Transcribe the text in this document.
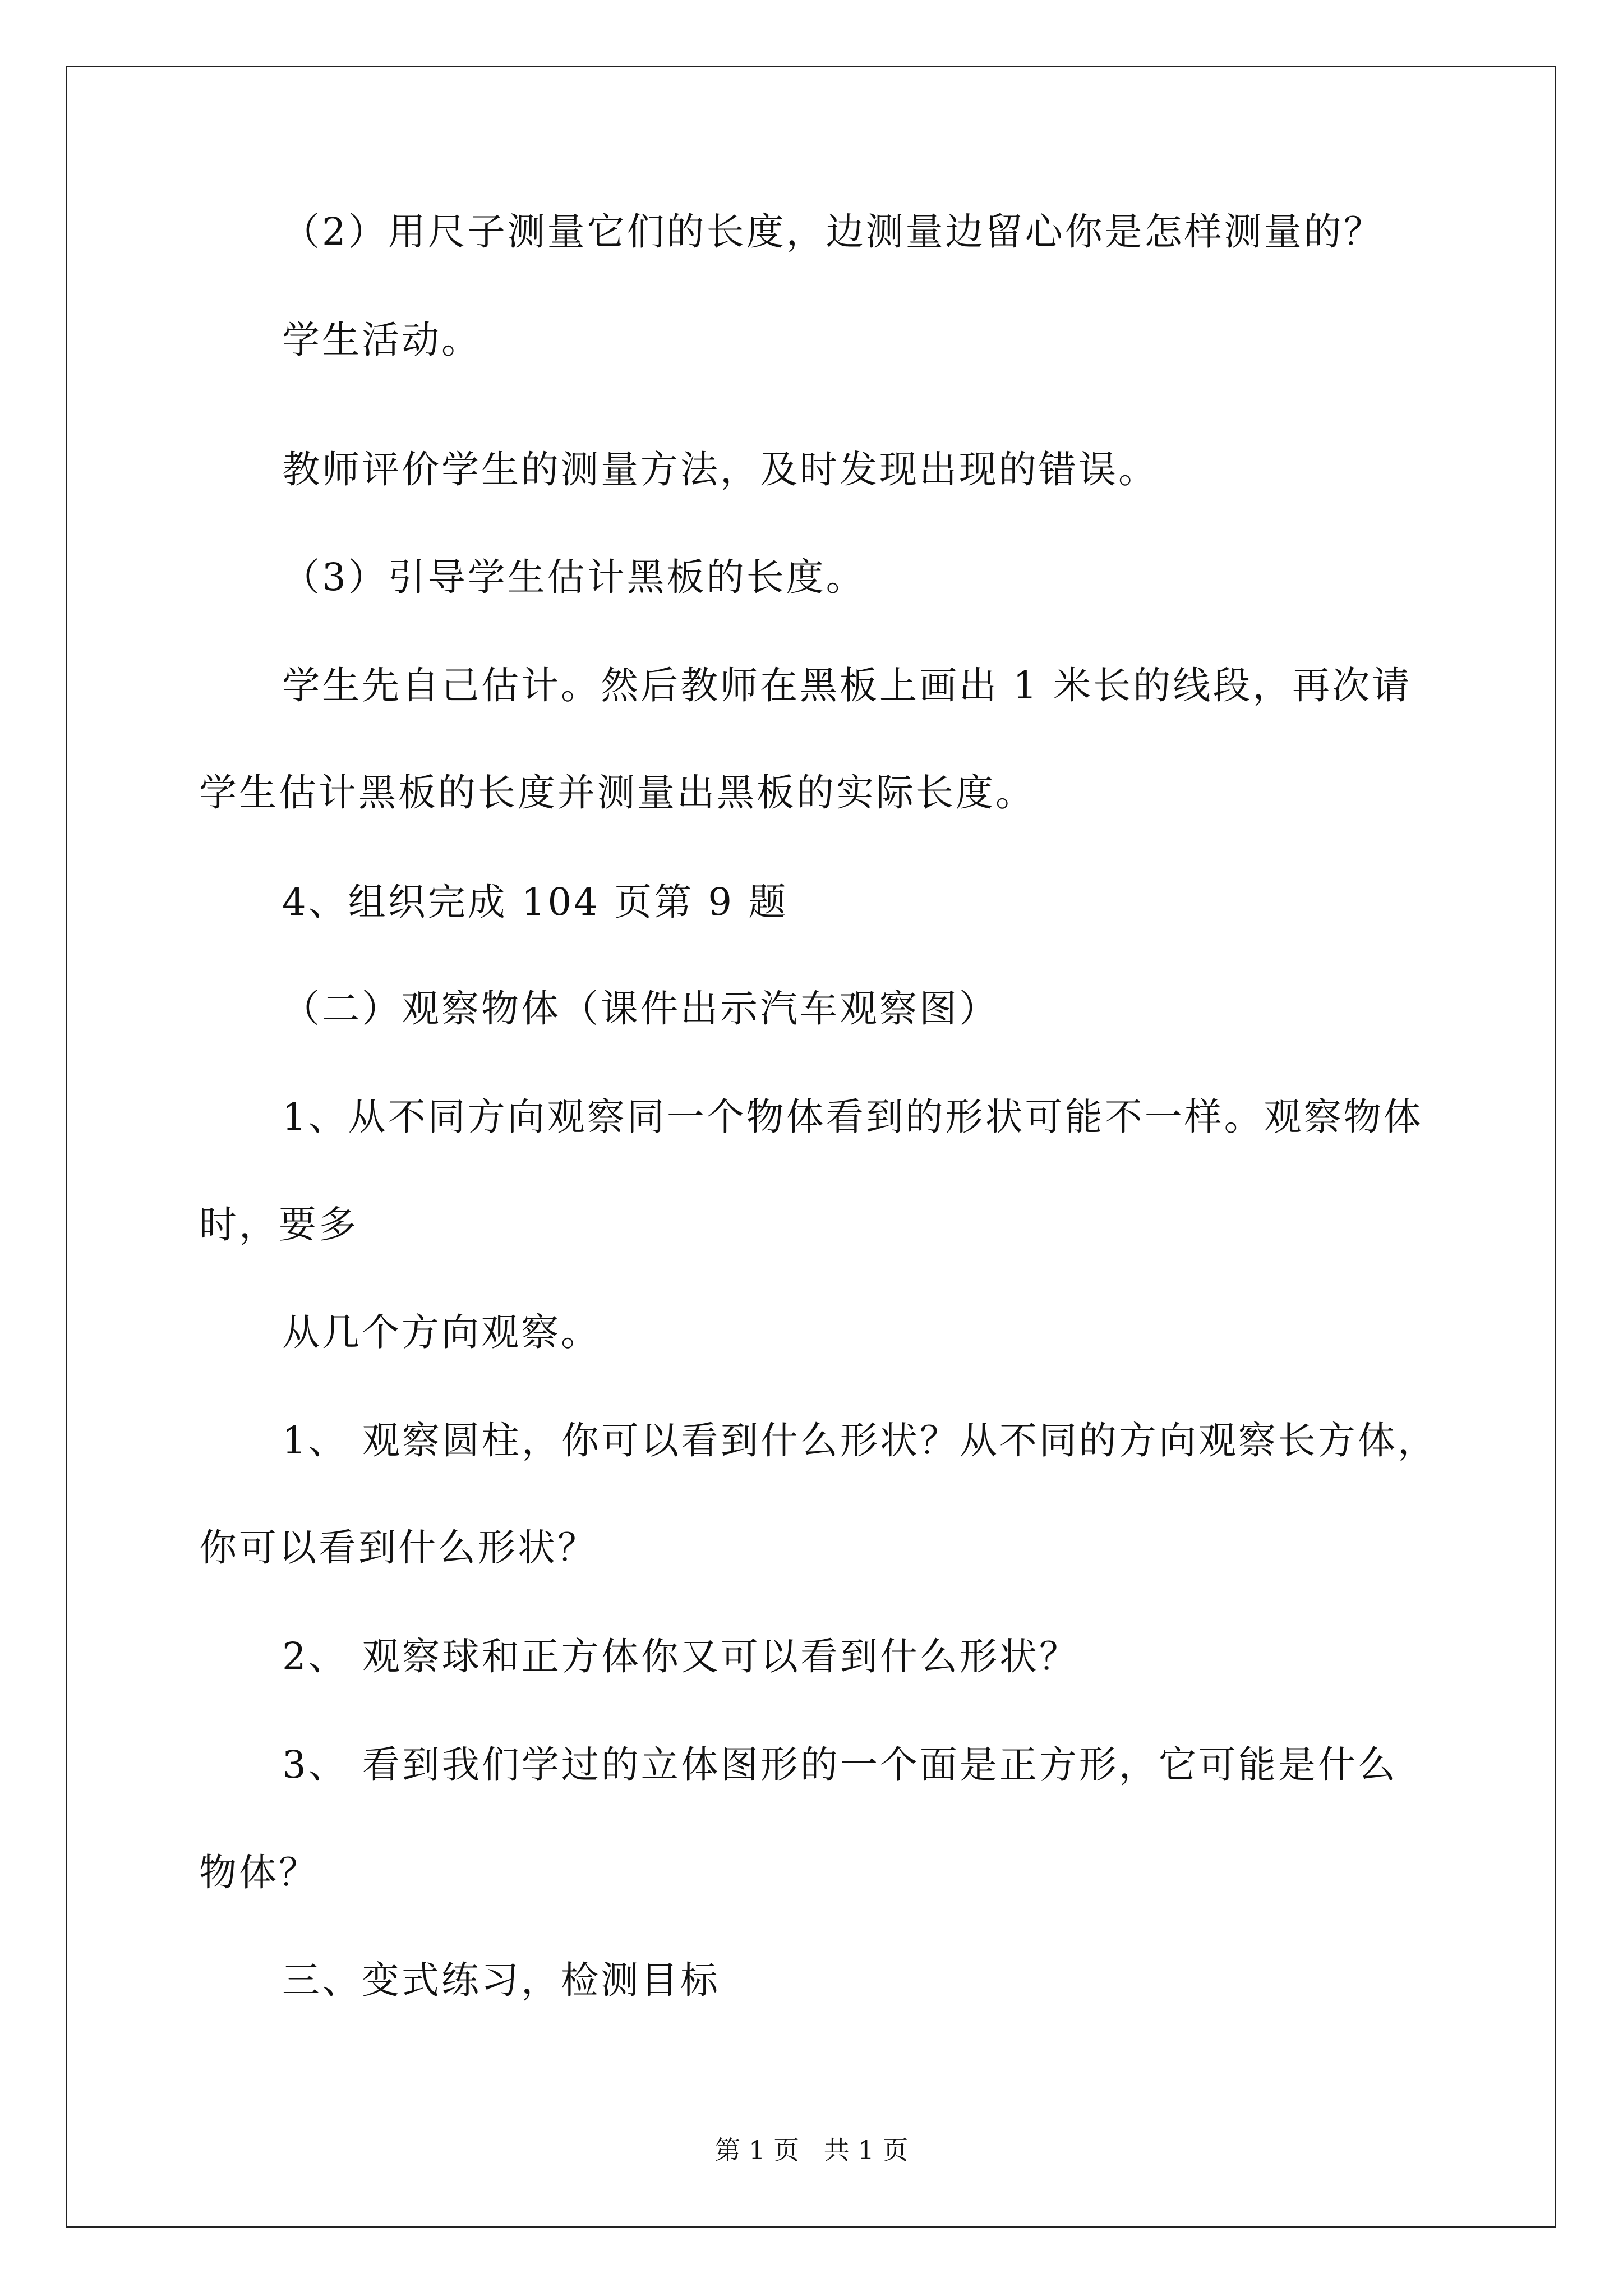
（2）用尺子测量它们的长度，边测量边留心你是怎样测量的？
学生活动。
教师评价学生的测量方法，及时发现出现的错误。
（3）引导学生估计黑板的长度。
学生先自己估计。然后教师在黑板上画出 1 米长的线段，再次请
学生估计黑板的长度并测量出黑板的实际长度。
4、组织完成 104 页第 9 题
（二）观察物体（课件出示汽车观察图）
1、从不同方向观察同一个物体看到的形状可能不一样。观察物体
时，要多
从几个方向观察。
1、 观察圆柱，你可以看到什么形状？从不同的方向观察长方体，
你可以看到什么形状？
2、 观察球和正方体你又可以看到什么形状？
3、 看到我们学过的立体图形的一个面是正方形，它可能是什么
物体？
三、变式练习，检测目标
第 1 页   共 1 页
